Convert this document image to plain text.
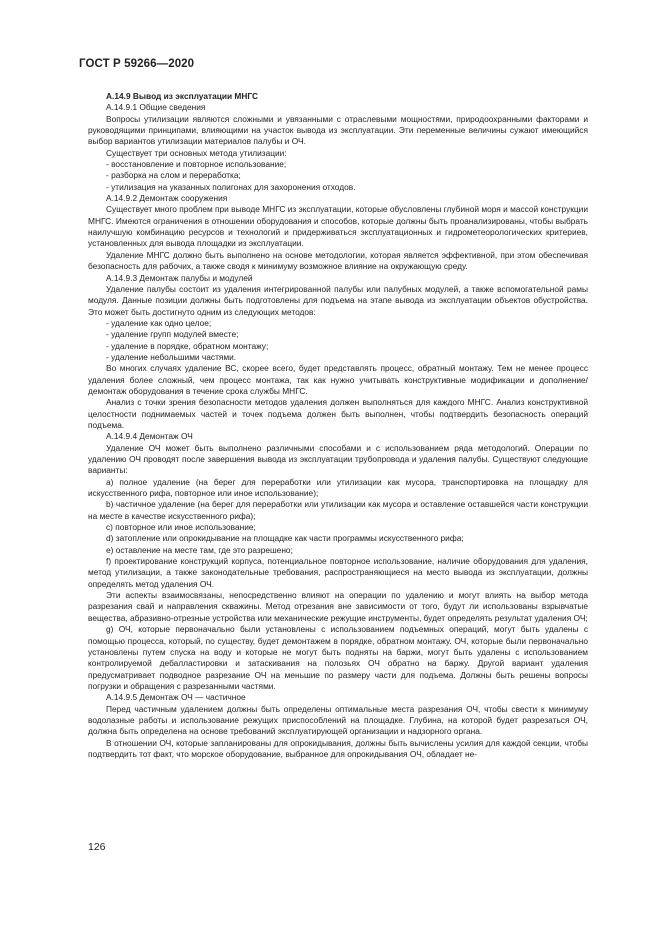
ГОСТ Р 59266—2020

А.14.9 Вывод из эксплуатации МНГС

А.14.9.1 Общие сведения

Вопросы утилизации являются сложными и увязанными с отраслевыми мощностями, природоохранными факторами и руководящими принципами, влияющими на участок вывода из эксплуатации. Эти переменные величины сужают имеющийся выбор вариантов утилизации материалов палубы и ОЧ.

Существует три основных метода утилизации:

- восстановление и повторное использование;

- разборка на слом и переработка;

- утилизация на указанных полигонах для захоронения отходов.

А.14.9.2 Демонтаж сооружения

Существует много проблем при выводе МНГС из эксплуатации, которые обусловлены глубиной моря и массой конструкции МНГС. Имеются ограничения в отношении оборудования и способов, которые должны быть проанализированы, чтобы выбрать наилучшую комбинацию ресурсов и технологий и придерживаться эксплуатационных и гидрометеорологических критериев, установленных для вывода площадки из эксплуатации.

Удаление МНГС должно быть выполнено на основе методологии, которая является эффективной, при этом обеспечивая безопасность для рабочих, а также сводя к минимуму возможное влияние на окружающую среду.

А.14.9.3 Демонтаж палубы и модулей

Удаление палубы состоит из удаления интегрированной палубы или палубных модулей, а также вспомогательной рамы модуля. Данные позиции должны быть подготовлены для подъема на этапе вывода из эксплуатации объектов обустройства. Это может быть достигнуто одним из следующих методов:

- удаление как одно целое;

- удаление групп модулей вместе;

- удаление в порядке, обратном монтажу;

- удаление небольшими частями.

Во многих случаях удаление ВС, скорее всего, будет представлять процесс, обратный монтажу. Тем не менее процесс удаления более сложный, чем процесс монтажа, так как нужно учитывать конструктивные модификации и дополнение/демонтаж оборудования в течение срока службы МНГС.

Анализ с точки зрения безопасности методов удаления должен выполняться для каждого МНГС. Анализ конструктивной целостности поднимаемых частей и точек подъема должен быть выполнен, чтобы подтвердить безопасность операций подъема.

А.14.9.4 Демонтаж ОЧ

Удаление ОЧ может быть выполнено различными способами и с использованием ряда методологий. Операции по удалению ОЧ проводят после завершения вывода из эксплуатации трубопровода и удаления палубы. Существуют следующие варианты:

а) полное удаление (на берег для переработки или утилизации как мусора, транспортировка на площадку для искусственного рифа, повторное или иное использование);

b) частичное удаление (на берег для переработки или утилизации как мусора и оставление оставшейся части конструкции на месте в качестве искусственного рифа);

c) повторное или иное использование;

d) затопление или опрокидывание на площадке как части программы искусственного рифа;

e) оставление на месте там, где это разрешено;

f) проектирование конструкций корпуса, потенциальное повторное использование, наличие оборудования для удаления, метод утилизации, а также законодательные требования, распространяющиеся на место вывода из эксплуатации, должны определять метод удаления ОЧ.

Эти аспекты взаимосвязаны, непосредственно влияют на операции по удалению и могут влиять на выбор метода разрезания свай и направления скважины. Метод отрезания вне зависимости от того, будут ли использованы взрывчатые вещества, абразивно-отрезные устройства или механические режущие инструменты, будет определять результат удаления ОЧ;

g) ОЧ, которые первоначально были установлены с использованием подъемных операций, могут быть удалены с помощью процесса, который, по существу, будет демонтажем в порядке, обратном монтажу. ОЧ, которые были первоначально установлены путем спуска на воду и которые не могут быть подняты на баржи, могут быть удалены с использованием контролируемой дебалластировки и затаскивания на полозьях ОЧ обратно на баржу. Другой вариант удаления предусматривает подводное разрезание ОЧ на меньшие по размеру части для подъема. Должны быть решены вопросы погрузки и обращения с разрезанными частями.

А.14.9.5 Демонтаж ОЧ — частичное

Перед частичным удалением должны быть определены оптимальные места разрезания ОЧ, чтобы свести к минимуму водолазные работы и использование режущих приспособлений на площадке. Глубина, на которой будет разрезаться ОЧ, должна быть определена на основе требований эксплуатирующей организации и надзорного органа.

В отношении ОЧ, которые запланированы для опрокидывания, должны быть вычислены усилия для каждой секции, чтобы подтвердить тот факт, что морское оборудование, выбранное для опрокидывания ОЧ, обладает не-

126
